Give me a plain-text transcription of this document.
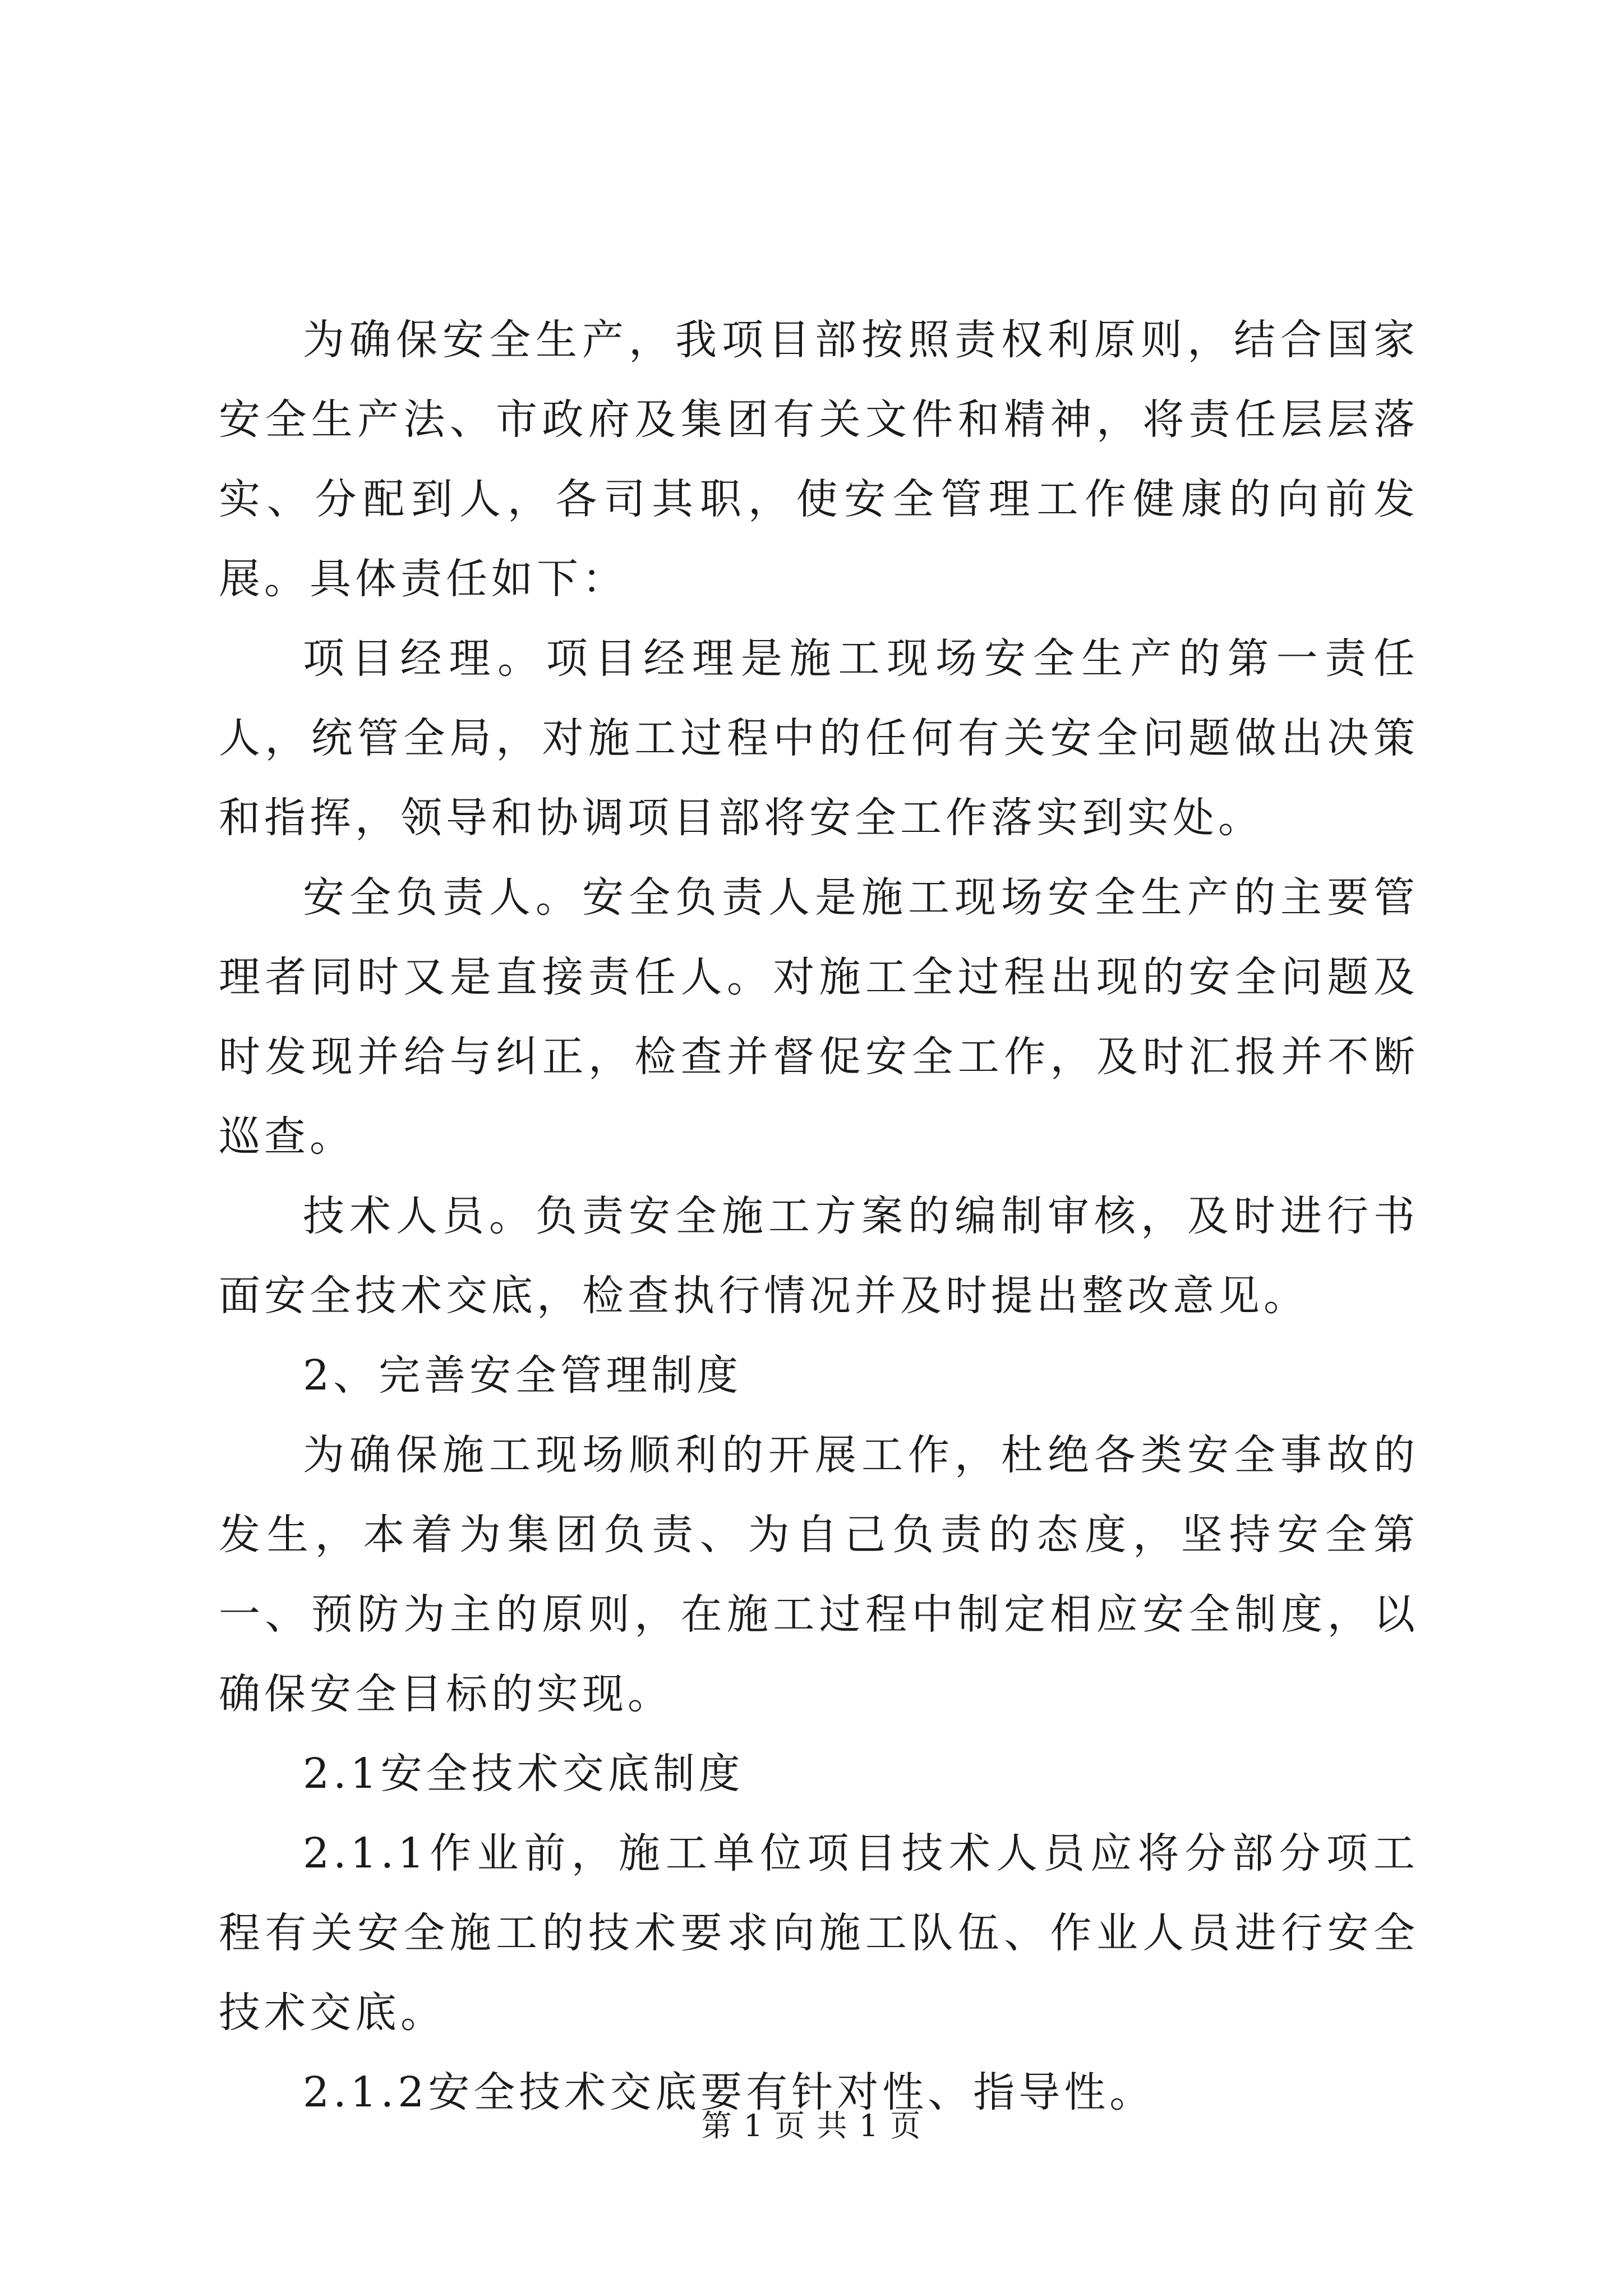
为确保安全生产，我项目部按照责权利原则，结合国家安全生产法、市政府及集团有关文件和精神，将责任层层落实、分配到人，各司其职，使安全管理工作健康的向前发展。具体责任如下：

项目经理。项目经理是施工现场安全生产的第一责任人，统管全局，对施工过程中的任何有关安全问题做出决策和指挥，领导和协调项目部将安全工作落实到实处。

安全负责人。安全负责人是施工现场安全生产的主要管理者同时又是直接责任人。对施工全过程出现的安全问题及时发现并给与纠正，检查并督促安全工作，及时汇报并不断巡查。

技术人员。负责安全施工方案的编制审核，及时进行书面安全技术交底，检查执行情况并及时提出整改意见。

2、完善安全管理制度

为确保施工现场顺利的开展工作，杜绝各类安全事故的发生，本着为集团负责、为自己负责的态度，坚持安全第一、预防为主的原则，在施工过程中制定相应安全制度，以确保安全目标的实现。

2.1安全技术交底制度

2.1.1作业前，施工单位项目技术人员应将分部分项工程有关安全施工的技术要求向施工队伍、作业人员进行安全技术交底。

2.1.2安全技术交底要有针对性、指导性。

第 1 页 共 1 页
